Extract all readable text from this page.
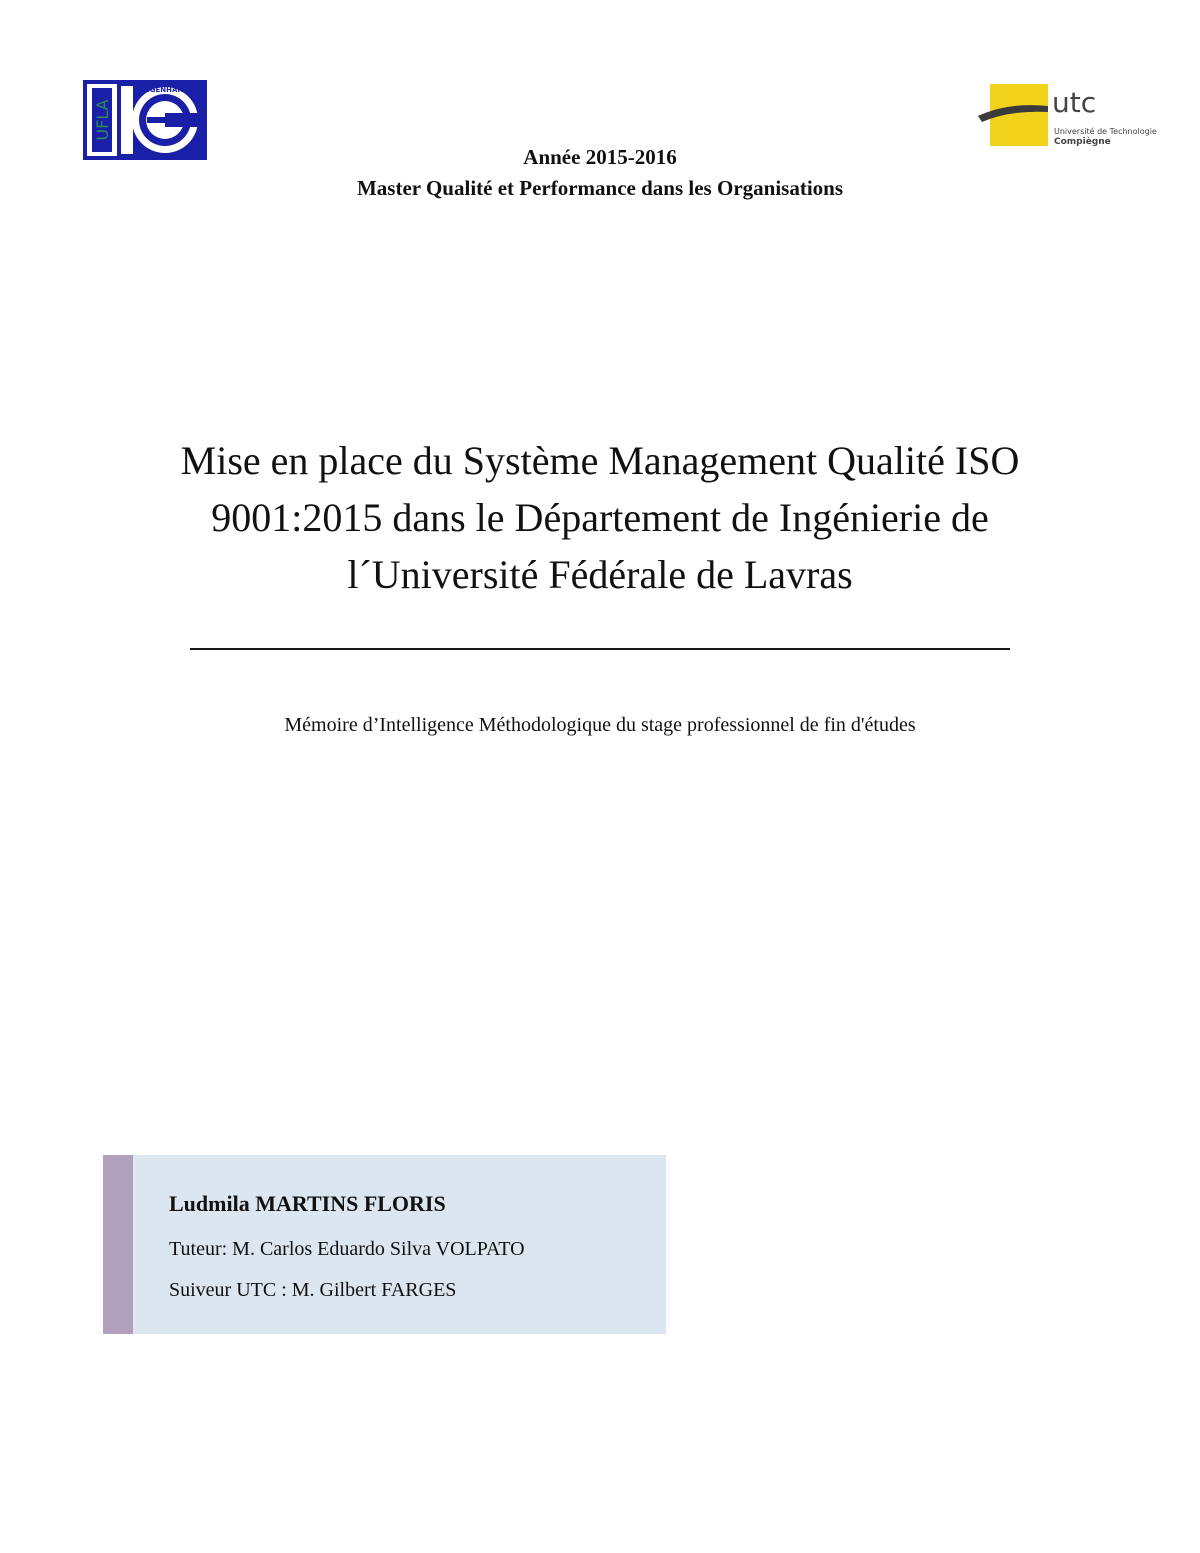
UFLA
ENGENHARIA	utc
Université de Technologie
Compiègne
Année 2015-2016
Master Qualité et Performance dans les Organisations
Mise en place du Système Management Qualité ISO
9001:2015 dans le Département de Ingénierie de
l´Université Fédérale de Lavras
Mémoire d’Intelligence Méthodologique du stage professionnel de fin d'études
Ludmila MARTINS FLORIS
Tuteur: M. Carlos Eduardo Silva VOLPATO
Suiveur UTC : M. Gilbert FARGES
